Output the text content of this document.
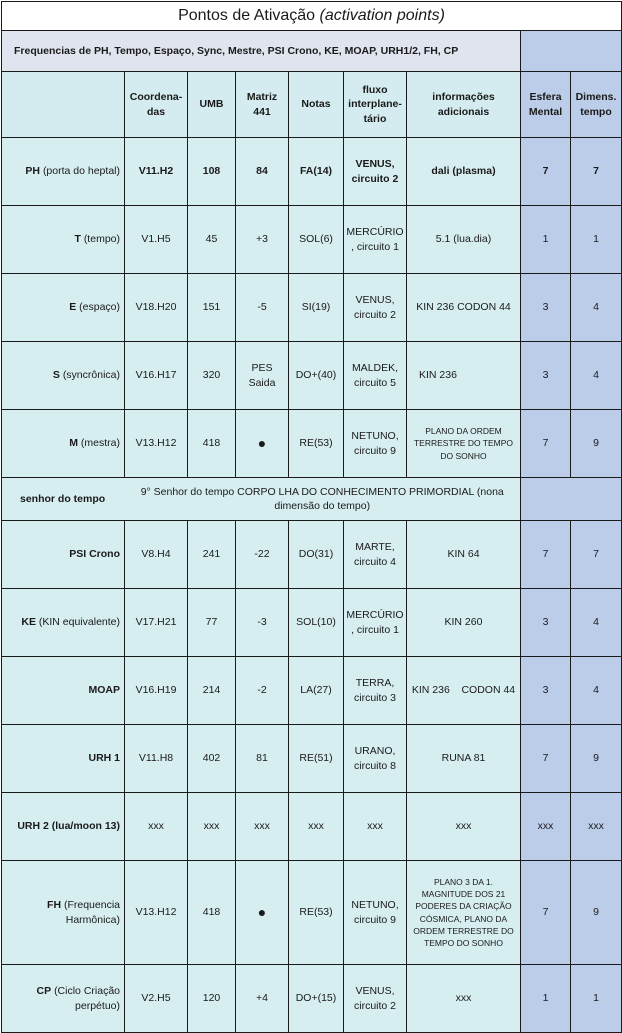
Pontos de Ativação (activation points)								
Frequencias de PH, Tempo, Espaço, Sync, Mestre, PSI Crono, KE, MOAP, URH1/2, FH, CP								
	Coordena-das	UMB	Matriz 441	Notas	fluxo interplane-tário	informações adicionais	Esfera Mental	Dimens. tempo
PH (porta do heptal)	V11.H2	108	84	FA(14)	VENUS, circuito 2	dali (plasma)	7	7
T (tempo)	V1.H5	45	+3	SOL(6)	MERCÚRIO , circuito 1	5.1 (lua.dia)	1	1
E (espaço)	V18.H20	151	-5	SI(19)	VENUS, circuito 2	KIN 236 CODON 44	3	4
S (syncrônica)	V16.H17	320	PES Saida	DO+(40)	MALDEK, circuito 5	KIN 236	3	4
M (mestra)	V13.H12	418	●	RE(53)	NETUNO, circuito 9	PLANO DA ORDEM TERRESTRE DO TEMPO DO SONHO	7	9
senhor do tempo	9° Senhor do tempo CORPO LHA DO CONHECIMENTO PRIMORDIAL (nona dimensão do tempo)							
PSI Crono	V8.H4	241	-22	DO(31)	MARTE, circuito 4	KIN 64	7	7
KE (KIN equivalente)	V17.H21	77	-3	SOL(10)	MERCÚRIO , circuito 1	KIN 260	3	4
MOAP	V16.H19	214	-2	LA(27)	TERRA, circuito 3	KIN 236    CODON 44	3	4
URH 1	V11.H8	402	81	RE(51)	URANO, circuito 8	RUNA 81	7	9
URH 2 (lua/moon 13)	xxx	xxx	xxx	xxx	xxx	xxx	xxx	xxx
FH (Frequencia Harmônica)	V13.H12	418	●	RE(53)	NETUNO, circuito 9	PLANO 3 DA 1. MAGNITUDE DOS 21 PODERES DA CRIAÇÃO CÓSMICA, PLANO DA ORDEM TERRESTRE DO TEMPO DO SONHO	7	9
CP (Ciclo Criação perpétuo)	V2.H5	120	+4	DO+(15)	VENUS, circuito 2	xxx	1	1
